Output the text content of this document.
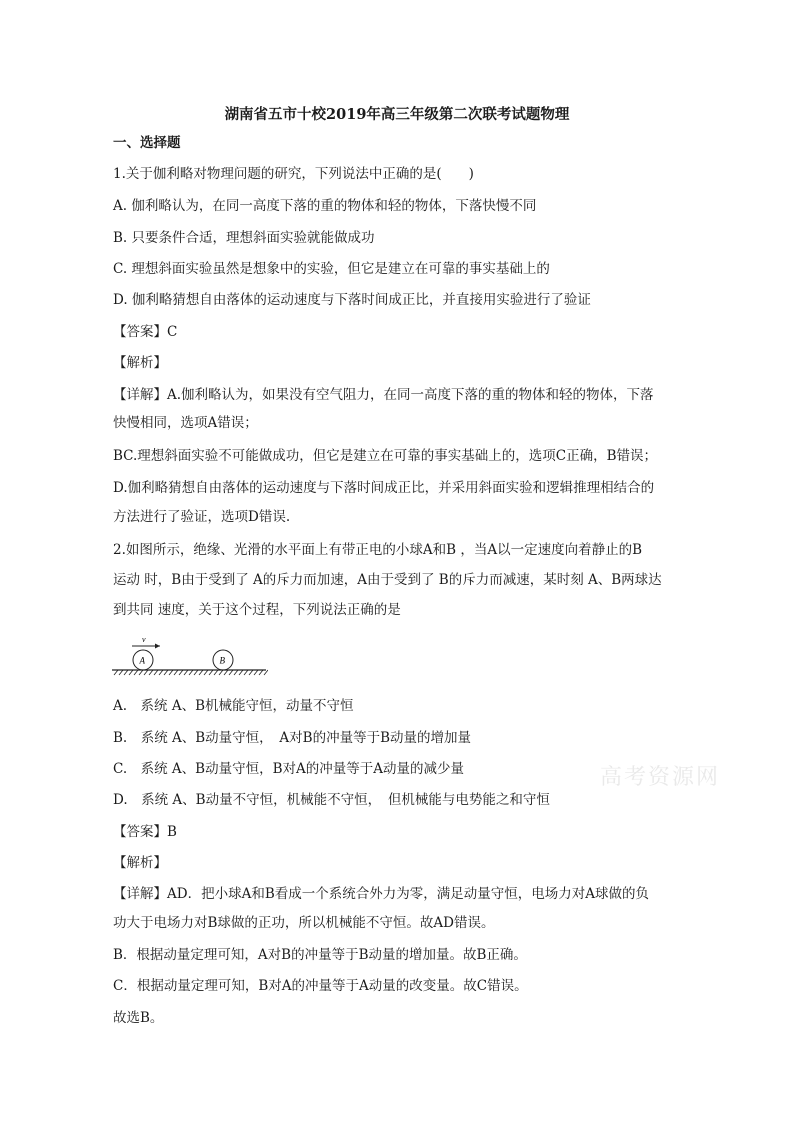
湖南省五市十校2019年高三年级第二次联考试题物理
一、选择题
1.关于伽利略对物理问题的研究，下列说法中正确的是(　　)
A. 伽利略认为，在同一高度下落的重的物体和轻的物体，下落快慢不同
B. 只要条件合适，理想斜面实验就能做成功
C. 理想斜面实验虽然是想象中的实验，但它是建立在可靠的事实基础上的
D. 伽利略猜想自由落体的运动速度与下落时间成正比，并直接用实验进行了验证
【答案】C
【解析】
【详解】A.伽利略认为，如果没有空气阻力，在同一高度下落的重的物体和轻的物体，下落
快慢相同，选项A错误；
BC.理想斜面实验不可能做成功，但它是建立在可靠的事实基础上的，选项C正确，B错误；
D.伽利略猜想自由落体的运动速度与下落时间成正比，并采用斜面实验和逻辑推理相结合的
方法进行了验证，选项D错误.
2.如图所示，绝缘、光滑的水平面上有带正电的小球A和B ，当A以一定速度向着静止的B
运动 时，B由于受到了 A的斥力而加速，A由于受到了 B的斥力而减速，某时刻 A、B两球达
到共同 速度，关于这个过程，下列说法正确的是
v
A	B
A.　系统 A、B机械能守恒，动量不守恒
B.　系统 A、B动量守恒，　A对B的冲量等于B动量的增加量
C.　系统 A、B动量守恒，B对A的冲量等于A动量的减少量
D.　系统 A、B动量不守恒，机械能不守恒，　但机械能与电势能之和守恒
【答案】B
【解析】
【详解】AD．把小球A和B看成一个系统合外力为零，满足动量守恒，电场力对A球做的负
功大于电场力对B球做的正功，所以机械能不守恒。故AD错误。
B．根据动量定理可知，A对B的冲量等于B动量的增加量。故B正确。
C．根据动量定理可知，B对A的冲量等于A动量的改变量。故C错误。
故选B。
高考资源网
